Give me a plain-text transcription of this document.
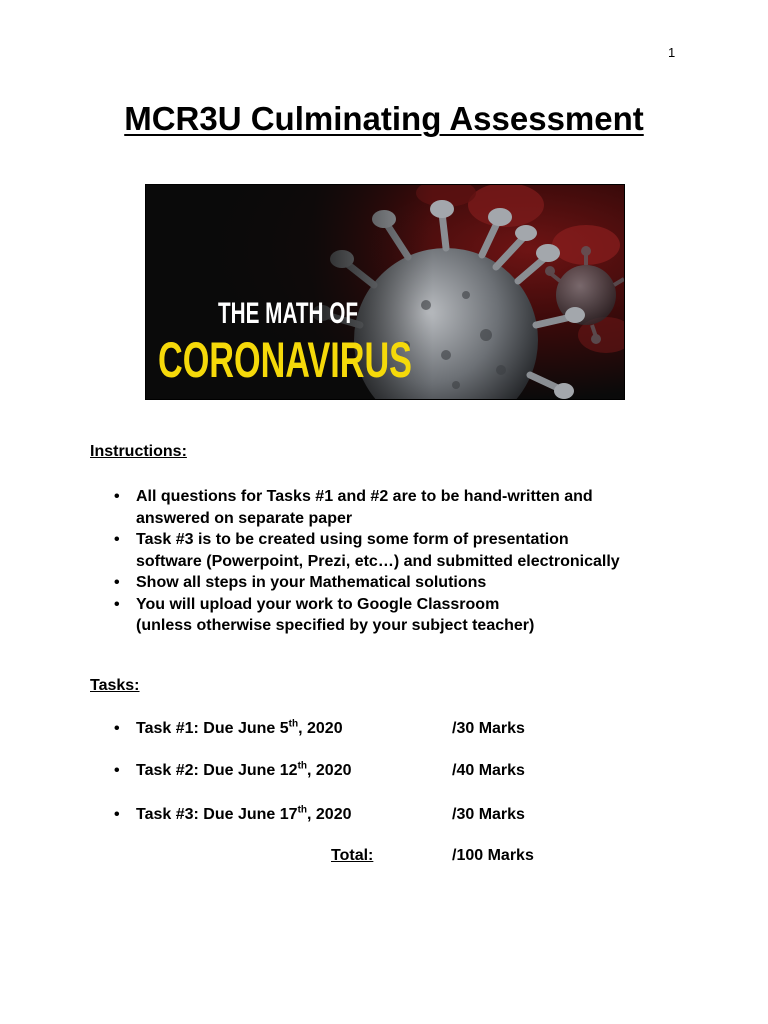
1
MCR3U Culminating Assessment
THE MATH OF
CORONAVIRUS
Instructions:
• All questions for Tasks #1 and #2 are to be hand-written and
answered on separate paper
• Task #3 is to be created using some form of presentation
software (Powerpoint, Prezi, etc…) and submitted electronically
• Show all steps in your Mathematical solutions
• You will upload your work to Google Classroom
(unless otherwise specified by your subject teacher)
Tasks:
• Task #1: Due June 5th, 2020	/30 Marks
• Task #2: Due June 12th, 2020	/40 Marks
• Task #3: Due June 17th, 2020	/30 Marks
Total:	/100 Marks
